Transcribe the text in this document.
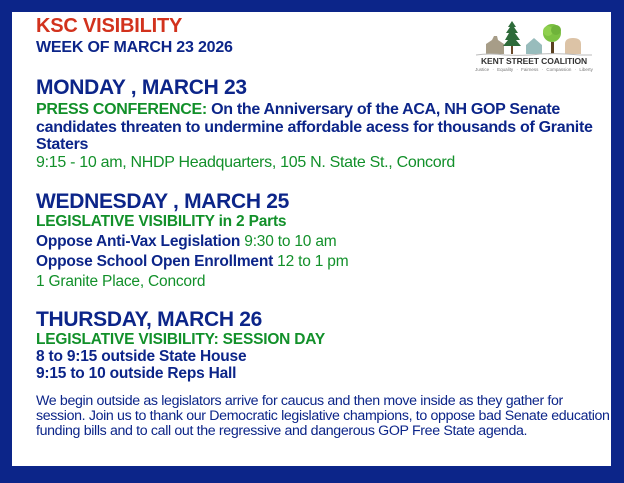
KSC VISIBILITY
WEEK OF MARCH 23 2026
KENT STREET COALITION
Justice · Equality · Fairness · Compassion · Liberty
MONDAY , MARCH 23
PRESS CONFERENCE: On the Anniversary of the ACA, NH GOP Senate candidates threaten to undermine affordable acess for thousands of Granite Staters
9:15 - 10 am, NHDP Headquarters, 105 N. State St., Concord
WEDNESDAY , MARCH 25
LEGISLATIVE VISIBILITY in 2 Parts
Oppose Anti-Vax Legislation 9:30 to 10 am
Oppose School Open Enrollment 12 to 1 pm
1 Granite Place, Concord
THURSDAY, MARCH 26
LEGISLATIVE VISIBILITY: SESSION DAY
8 to 9:15 outside State House
9:15 to 10 outside Reps Hall
We begin outside as legislators arrive for caucus and then move inside as they gather for session. Join us to thank our Democratic legislative champions, to oppose bad Senate education funding bills and to call out the regressive and dangerous GOP Free State agenda.
